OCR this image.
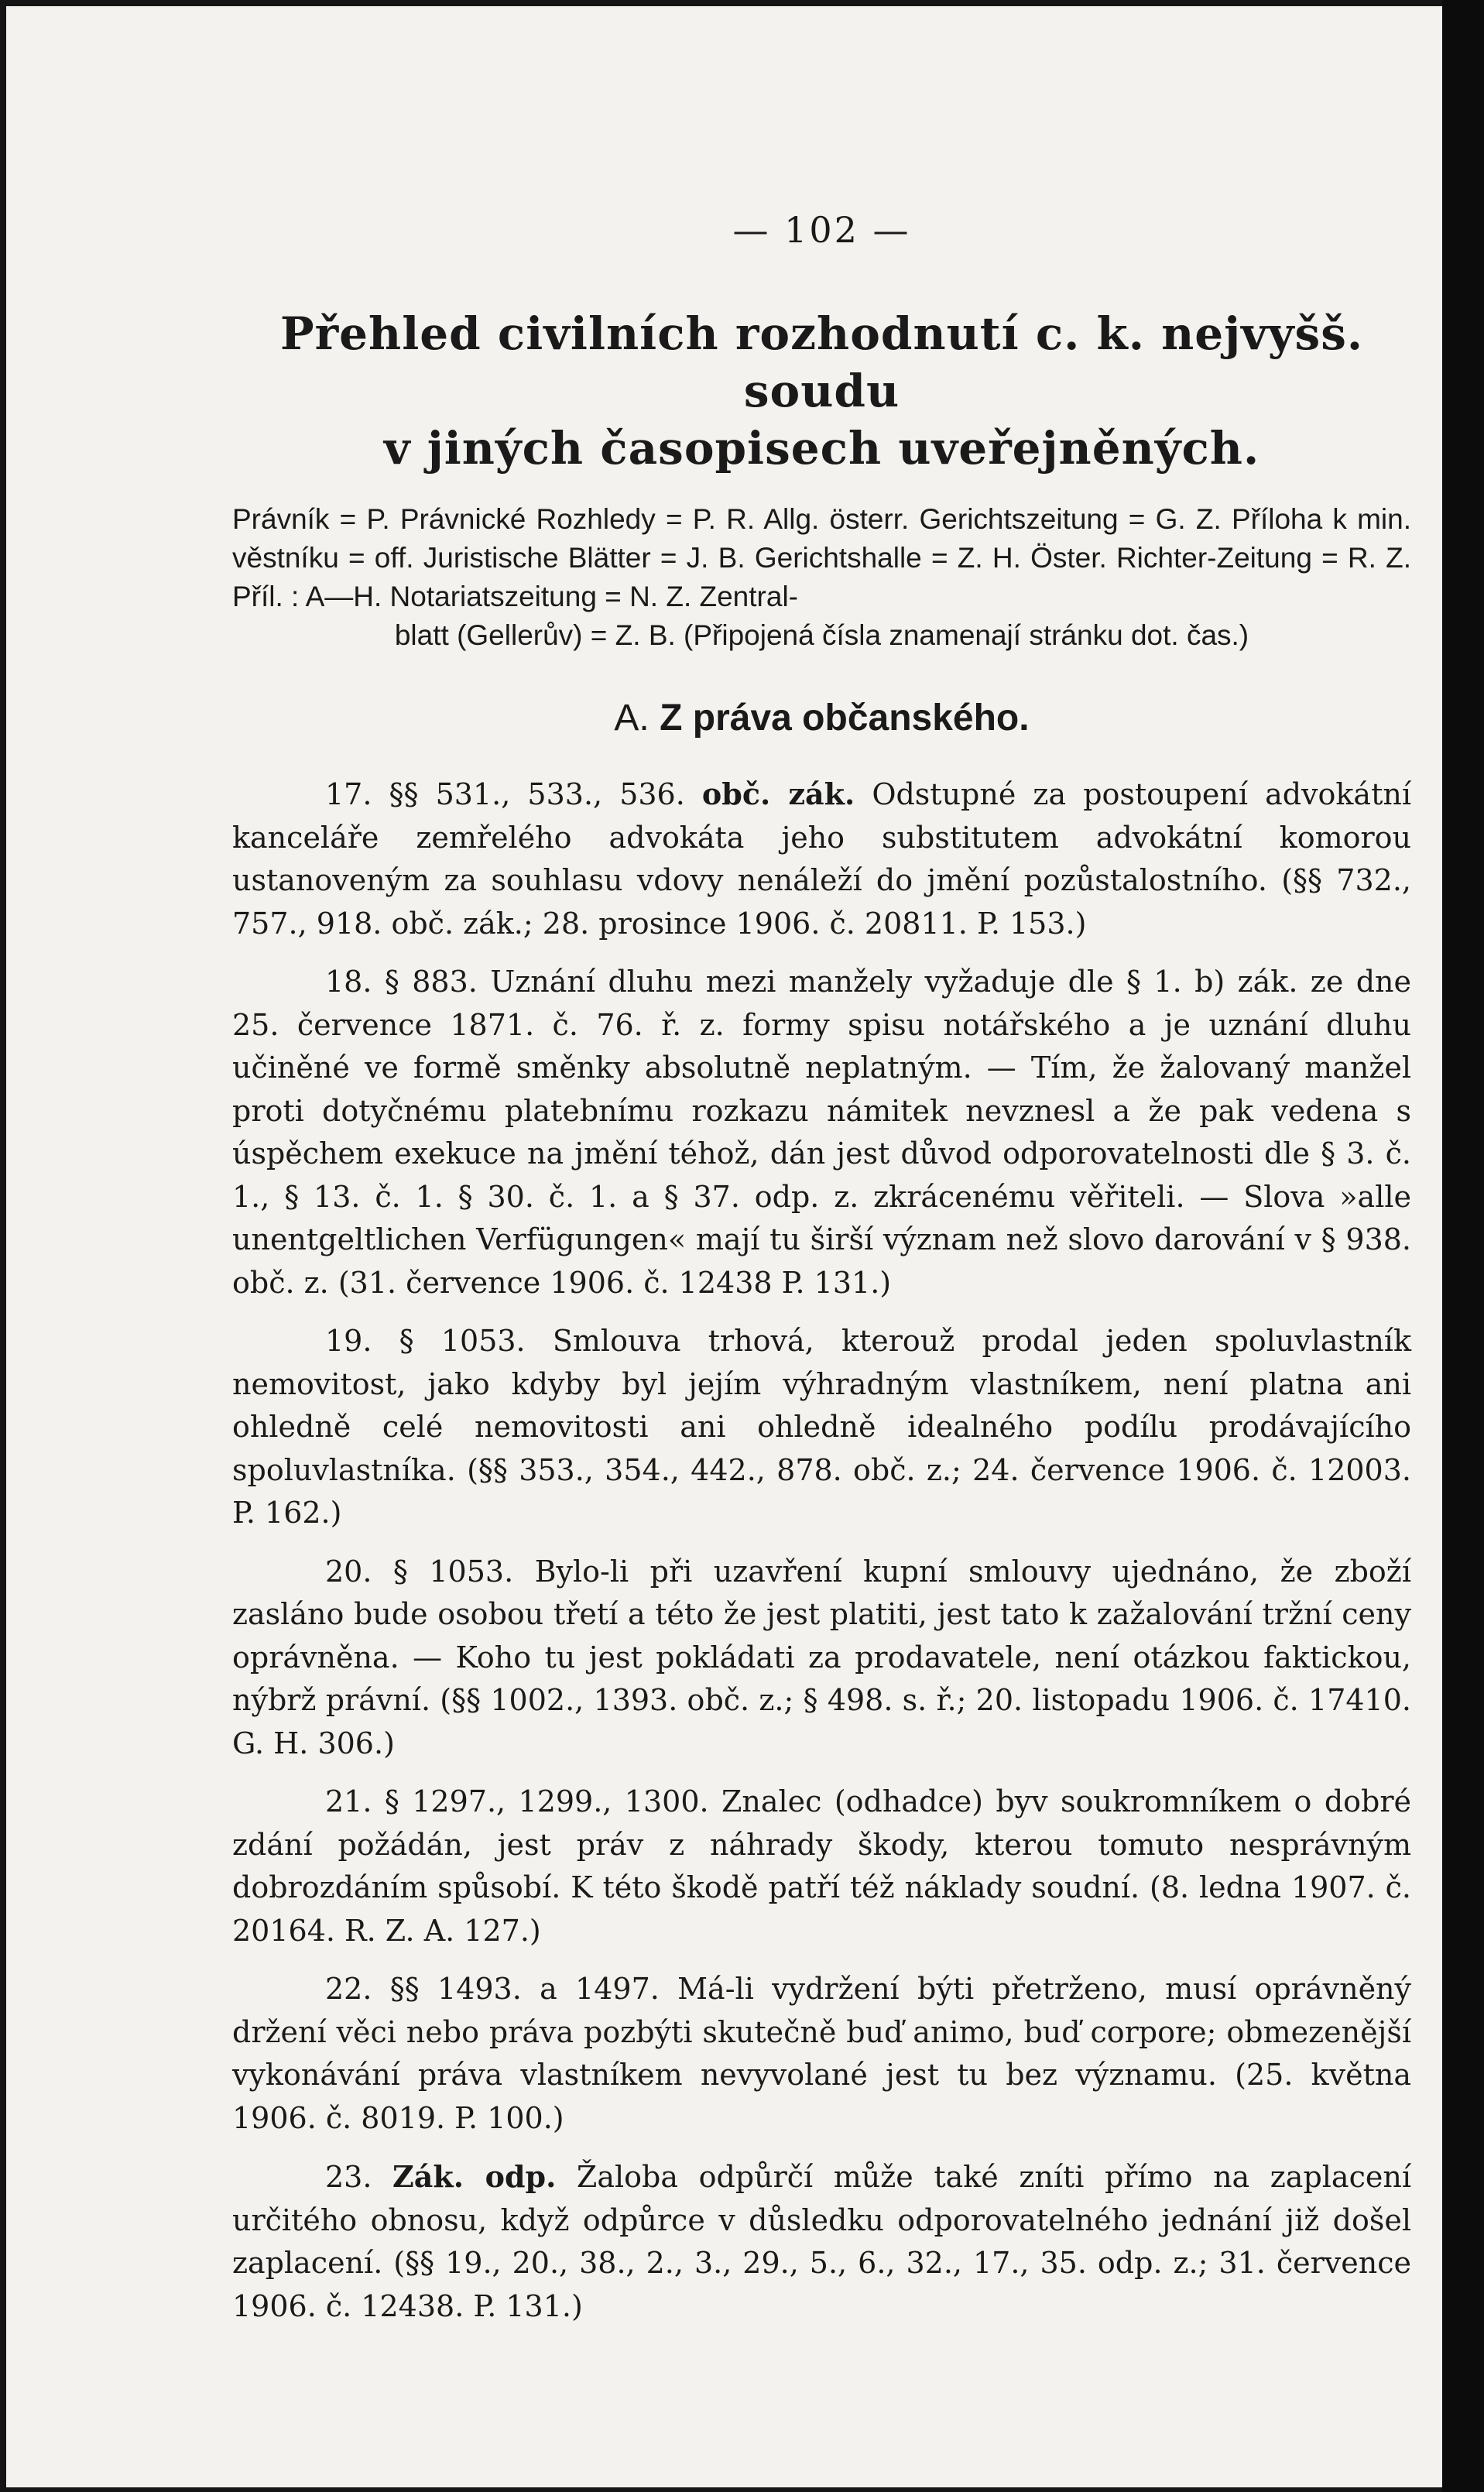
— 102 —
Přehled civilních rozhodnutí c. k. nejvyšš. soudu
v jiných časopisech uveřejněných.
Právník = P. Právnické Rozhledy = P. R. Allg. österr. Gerichtszeitung = G. Z. Příloha k min. věstníku = off. Juristische Blätter = J. B. Gerichtshalle = Z. H. Öster. Richter-Zeitung = R. Z. Příl. : A—H. Notariatszeitung = N. Z. Zentral-
blatt (Gellerův) = Z. B. (Připojená čísla znamenají stránku dot. čas.)
A. Z práva občanského.

17. §§ 531., 533., 536. obč. zák. Odstupné za postoupení advokátní kanceláře zemřelého advokáta jeho substitutem advokátní komorou ustanoveným za souhlasu vdovy nenáleží do jmění pozůstalostního. (§§ 732., 757., 918. obč. zák.; 28. prosince 1906. č. 20811. P. 153.)

18. § 883. Uznání dluhu mezi manžely vyžaduje dle § 1. b) zák. ze dne 25. července 1871. č. 76. ř. z. formy spisu notářského a je uznání dluhu učiněné ve formě směnky absolutně neplatným. — Tím, že žalovaný manžel proti dotyčnému platebnímu rozkazu námitek nevznesl a že pak vedena s úspěchem exekuce na jmění téhož, dán jest důvod odporovatelnosti dle § 3. č. 1., § 13. č. 1. § 30. č. 1. a § 37. odp. z. zkrácenému věřiteli. — Slova »alle unentgeltlichen Verfügungen« mají tu širší význam než slovo darování v § 938. obč. z. (31. července 1906. č. 12438 P. 131.)

19. § 1053. Smlouva trhová, kterouž prodal jeden spoluvlastník nemovitost, jako kdyby byl jejím výhradným vlastníkem, není platna ani ohledně celé nemovitosti ani ohledně idealného podílu prodávajícího spoluvlastníka. (§§ 353., 354., 442., 878. obč. z.; 24. července 1906. č. 12003. P. 162.)

20. § 1053. Bylo-li při uzavření kupní smlouvy ujednáno, že zboží zasláno bude osobou třetí a této že jest platiti, jest tato k zažalování tržní ceny oprávněna. — Koho tu jest pokládati za prodavatele, není otázkou faktickou, nýbrž právní. (§§ 1002., 1393. obč. z.; § 498. s. ř.; 20. listopadu 1906. č. 17410. G. H. 306.)

21. § 1297., 1299., 1300. Znalec (odhadce) byv soukromníkem o dobré zdání požádán, jest práv z náhrady škody, kterou tomuto nesprávným dobrozdáním spůsobí. K této škodě patří též náklady soudní. (8. ledna 1907. č. 20164. R. Z. A. 127.)

22. §§ 1493. a 1497. Má-li vydržení býti přetrženo, musí oprávněný držení věci nebo práva pozbýti skutečně buď animo, buď corpore; obmezenější vykonávání práva vlastníkem nevyvolané jest tu bez významu. (25. května 1906. č. 8019. P. 100.)

23. Zák. odp. Žaloba odpůrčí může také zníti přímo na zaplacení určitého obnosu, když odpůrce v důsledku odporovatelného jednání již došel zaplacení. (§§ 19., 20., 38., 2., 3., 29., 5., 6., 32., 17., 35. odp. z.; 31. července 1906. č. 12438. P. 131.)
